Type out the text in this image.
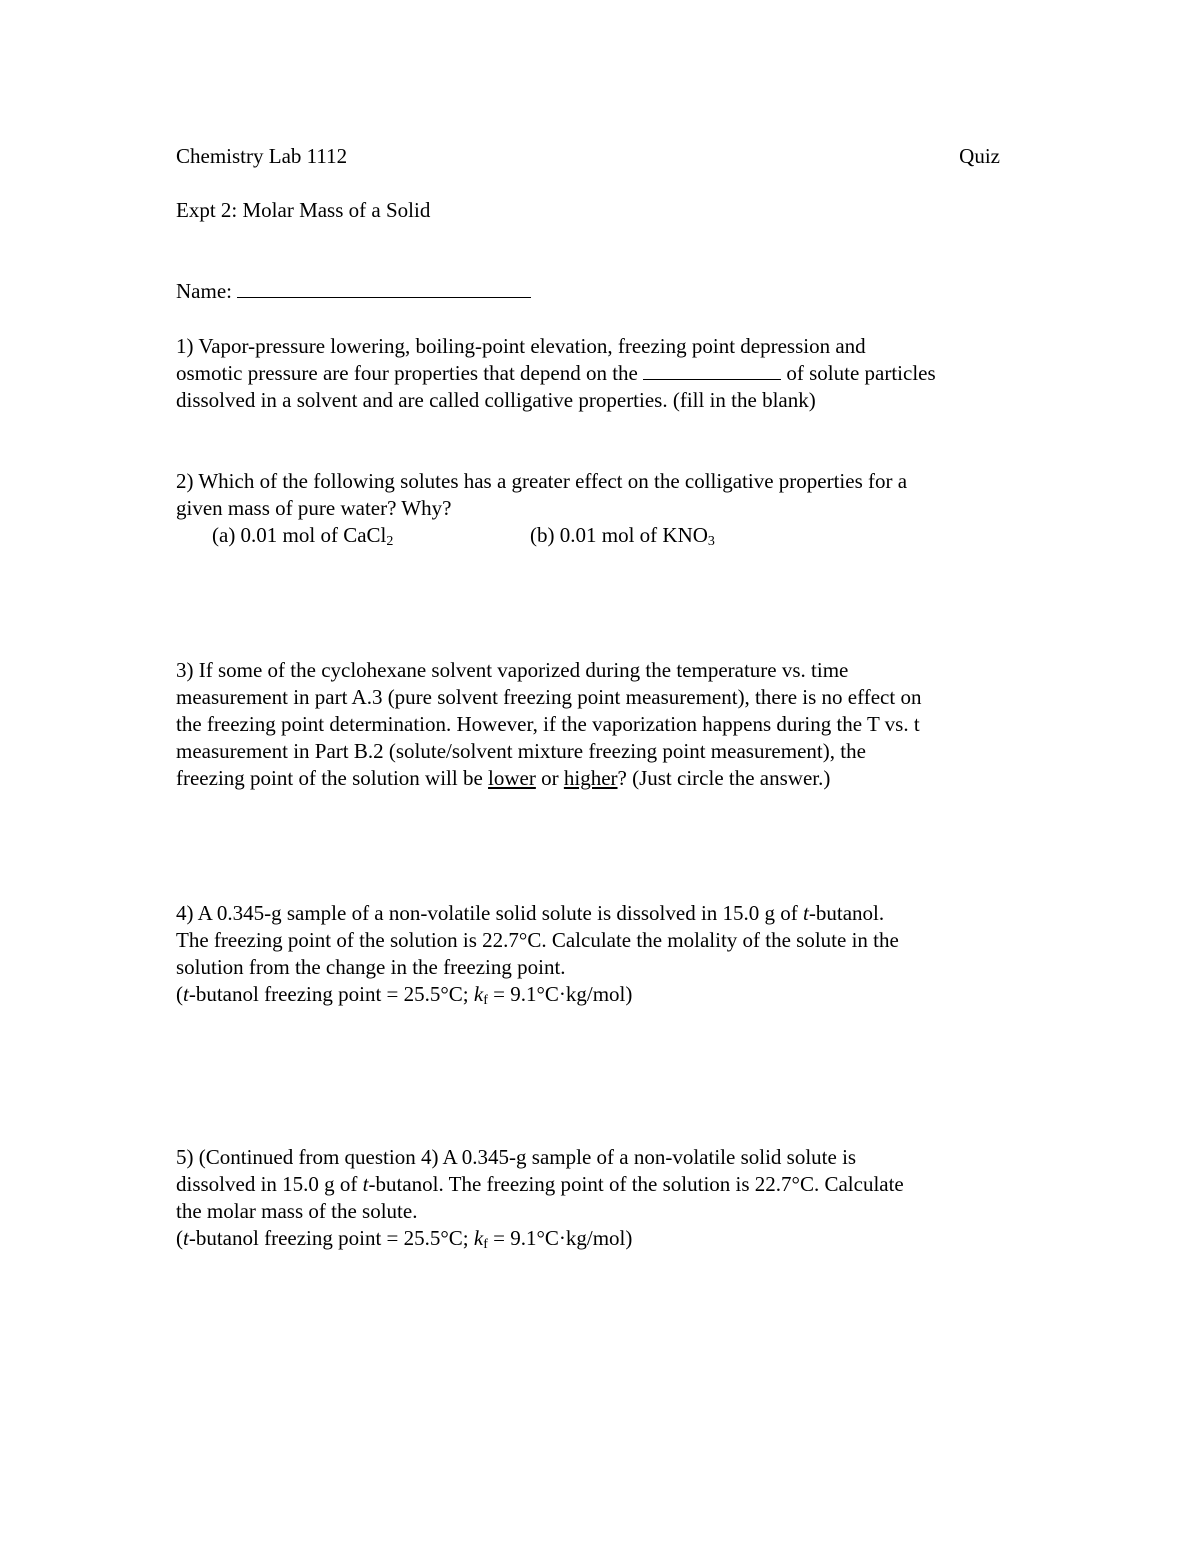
Chemistry Lab 1112	Quiz
Expt 2: Molar Mass of a Solid
Name:
1) Vapor-pressure lowering, boiling-point elevation, freezing point depression and
osmotic pressure are four properties that depend on the	of solute particles
dissolved in a solvent and are called colligative properties. (fill in the blank)
2) Which of the following solutes has a greater effect on the colligative properties for a
given mass of pure water? Why?
(a) 0.01 mol of CaCl$_2$	(b) 0.01 mol of $KNO_3$
3) If some of the cyclohexane solvent vaporized during the temperature vs. time
measurement in part A.3 (pure solvent freezing point measurement), there is no effect on
the freezing point determination. However, if the vaporization happens during the T vs. t
measurement in Part B.2 (solute/solvent mixture freezing point measurement), the
freezing point of the solution will be lower or higher? (Just circle the answer.)
4) A 0.345-g sample of a non-volatile solid solute is dissolved in 15.0 g of t-butanol.
The freezing point of the solution is 22.7°C. Calculate the molality of the solute in the
solution from the change in the freezing point.
(t-butanol freezing point = 25.5°C; $k_f = 9.1^\circ C\cdot kg/mol$)
5) (Continued from question 4) A 0.345-g sample of a non-volatile solid solute is
dissolved in 15.0 g of t-butanol. The freezing point of the solution is 22.7°C. Calculate
the molar mass of the solute.
(t-butanol freezing point = 25.5°C; $k_f = 9.1^\circ C\cdot kg/mol$)
